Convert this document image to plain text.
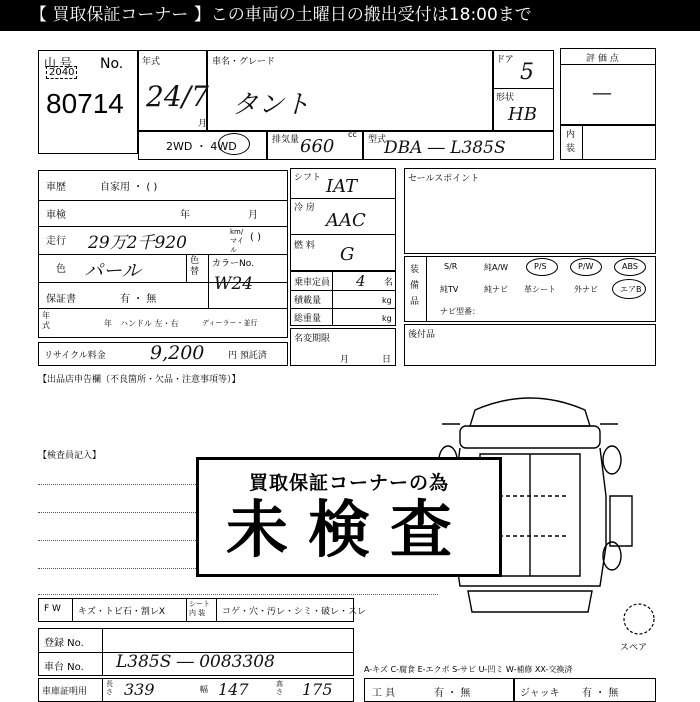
【 買取保証コーナー 】この車両の土曜日の搬出受付は18:00まで
山 号 No.
2040
80714
年式
24/7
月
車名・グレード
タント
ドア 5
形状
HB
2WD ・ 4WD	排気量
cc
660	型式
DBA ― L385S
評 価 点
—
内
装
車歴	自家用 ・ ( )
車検	年	月
走行 29万2千920
km/マイル
( )
色 パール	色替
カラーNo.
W24
保証書	有 ・ 無
年
式	年 ハンドル 左・右	ディーラー・並行
リサイクル料金 9,200	円 預託済
【出品店申告欄（不良箇所・欠品・注意事項等）】
シフト IAT
冷 房
AAC
燃 料 G
乗車定員 4 名
積載量	kg
総重量	kg
名変期限
月	日
セールスポイント
装
備
品
S/R	純A/W	P/S	P/W	ABS
純TV	純ナビ 革シート 外ナビ	エアB
ナビ型番：
後付品
スペア
【検査員記入】
買取保証コーナーの為
未検査
F W キズ・トビ石・割レX
シート
内 装	コゲ・穴・汚レ・シミ・破レ・スレ
登録 No.
車台 No. L385S ― 0083308	A-キズ C-腐食 E-エクボ S-サビ U-凹ミ W-補修 XX-交換済
車庫証明用
長さ 339	幅 147	高さ 175	工 具	有 ・ 無	ジャッキ 有 ・ 無
